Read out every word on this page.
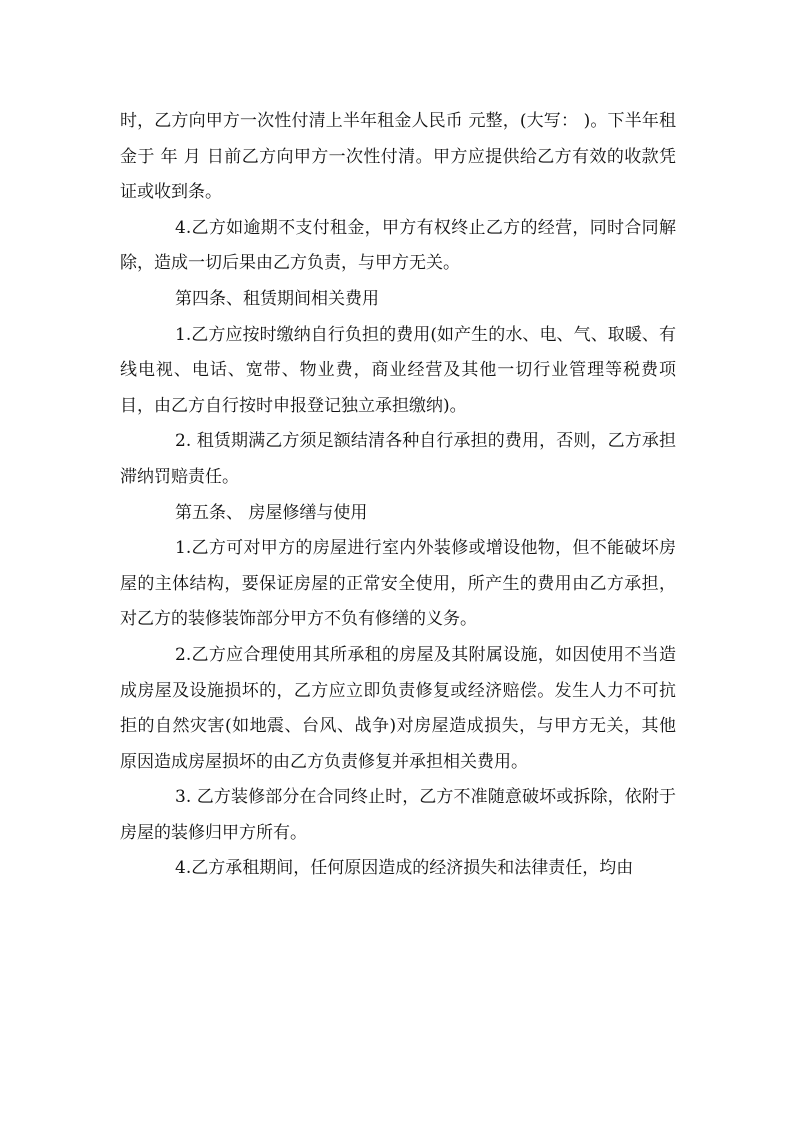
时，乙方向甲方一次性付清上半年租金人民币 元整，(大写： )。下半年租金于 年 月 日前乙方向甲方一次性付清。甲方应提供给乙方有效的收款凭证或收到条。

4.乙方如逾期不支付租金，甲方有权终止乙方的经营，同时合同解除，造成一切后果由乙方负责，与甲方无关。

第四条、租赁期间相关费用

1.乙方应按时缴纳自行负担的费用(如产生的水、电、气、取暖、有线电视、电话、宽带、物业费，商业经营及其他一切行业管理等税费项目，由乙方自行按时申报登记独立承担缴纳)。

2. 租赁期满乙方须足额结清各种自行承担的费用，否则，乙方承担滞纳罚赔责任。

第五条、 房屋修缮与使用

1.乙方可对甲方的房屋进行室内外装修或增设他物，但不能破坏房屋的主体结构，要保证房屋的正常安全使用，所产生的费用由乙方承担，对乙方的装修装饰部分甲方不负有修缮的义务。

2.乙方应合理使用其所承租的房屋及其附属设施，如因使用不当造成房屋及设施损坏的，乙方应立即负责修复或经济赔偿。发生人力不可抗拒的自然灾害(如地震、台风、战争)对房屋造成损失，与甲方无关，其他原因造成房屋损坏的由乙方负责修复并承担相关费用。

3. 乙方装修部分在合同终止时，乙方不准随意破坏或拆除，依附于房屋的装修归甲方所有。

4.乙方承租期间，任何原因造成的经济损失和法律责任，均由
